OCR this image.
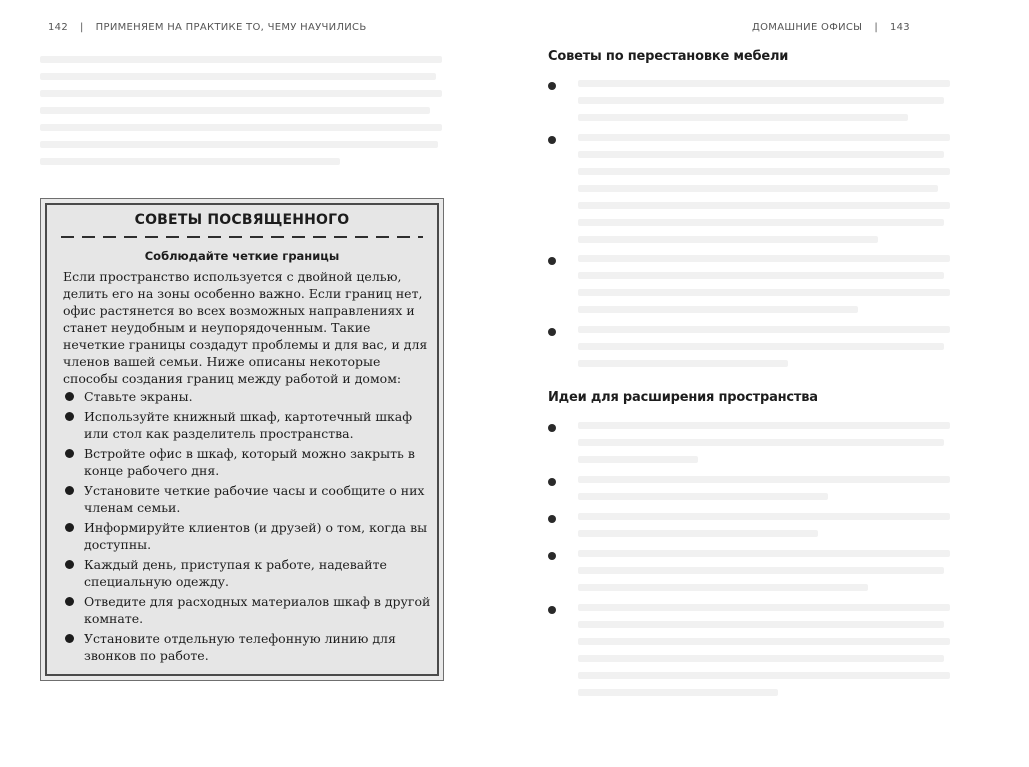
142 | ПРИМЕНЯЕМ НА ПРАКТИКЕ ТО, ЧЕМУ НАУЧИЛИСЬ	ДОМАШНИЕ ОФИСЫ | 143
СОВЕТЫ ПОСВЯЩЕННОГО
Соблюдайте четкие границы
Если пространство используется с двойной целью, делить его на зоны особенно важно. Если границ нет, офис растянется во всех возможных направлениях и станет неудобным и неупорядоченным. Такие нечеткие границы создадут проблемы и для вас, и для членов вашей семьи. Ниже описаны некоторые способы создания границ между работой и домом:
Ставьте экраны.
Используйте книжный шкаф, картотечный шкаф или стол как разделитель пространства.
Встройте офис в шкаф, который можно закрыть в конце рабочего дня.
Установите четкие рабочие часы и сообщите о них членам семьи.
Информируйте клиентов (и друзей) о том, когда вы доступны.
Каждый день, приступая к работе, надевайте специальную одежду.
Отведите для расходных материалов шкаф в другой комнате.
Установите отдельную телефонную линию для звонков по работе.
Советы по перестановке мебели
Идеи для расширения пространства
